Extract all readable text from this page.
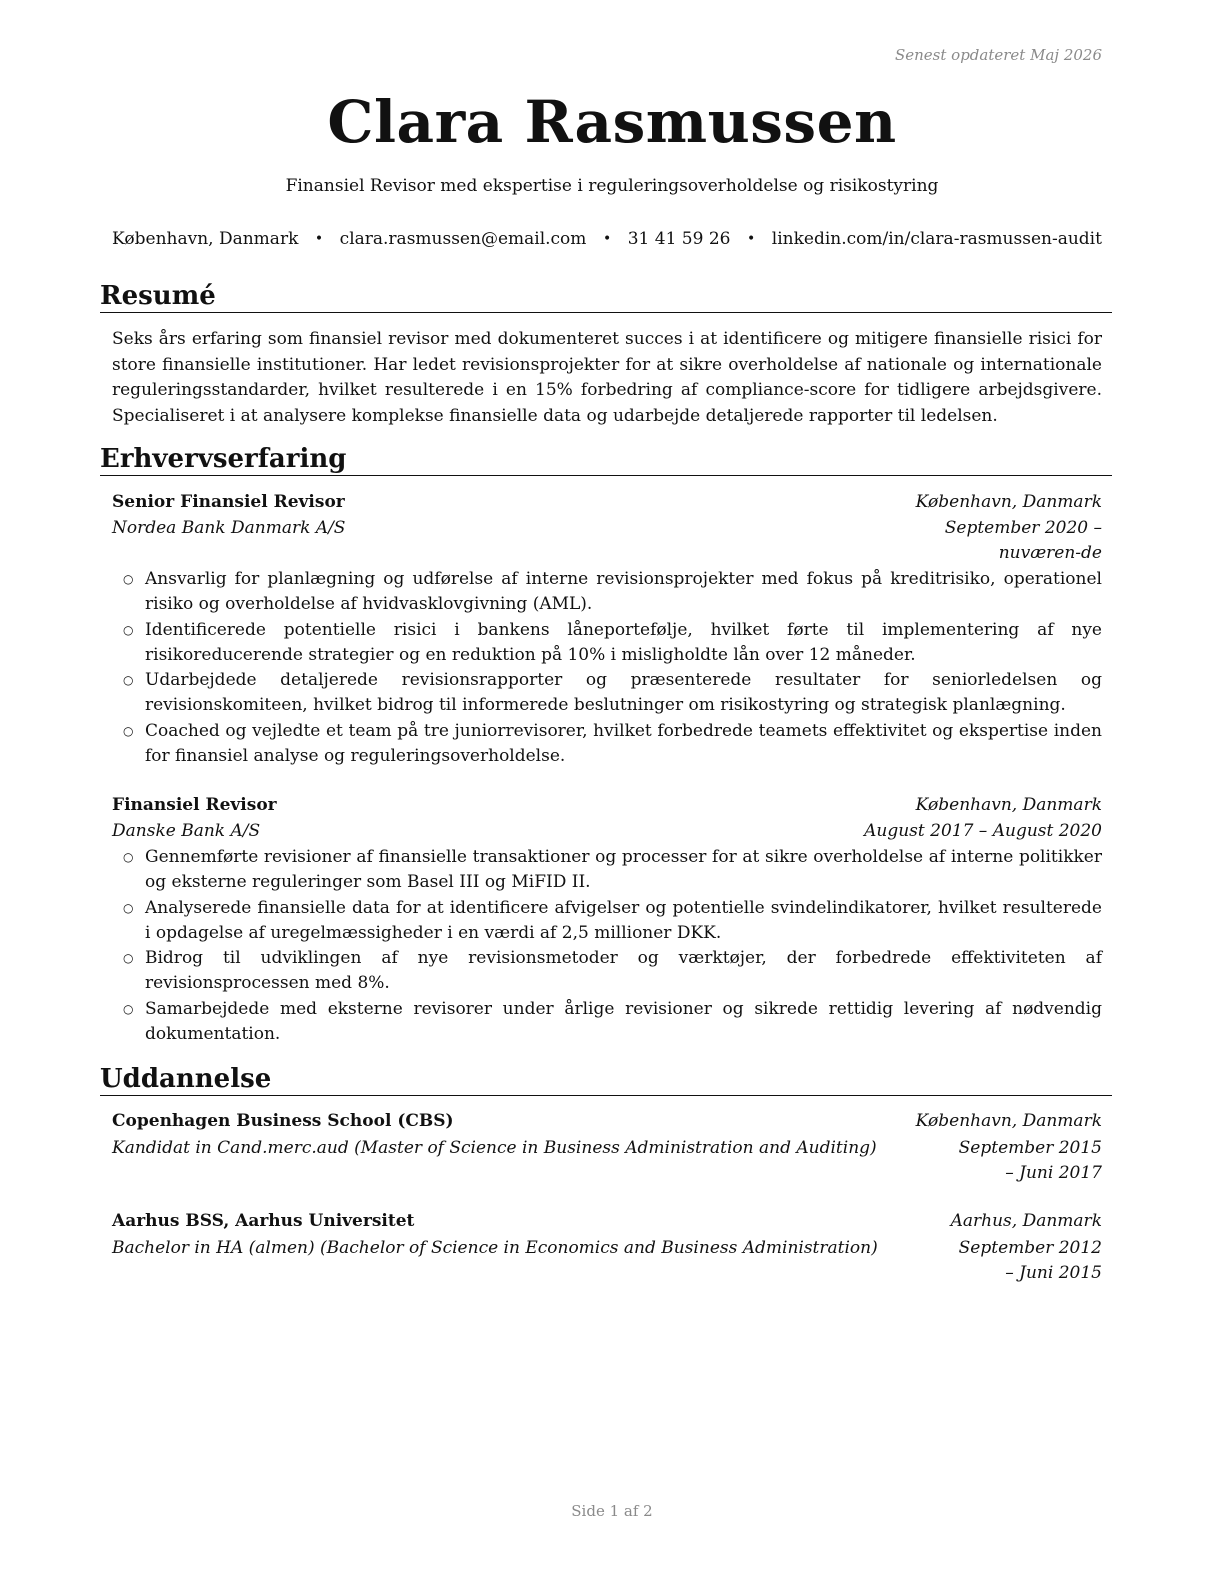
Senest opdateret Maj 2026
Clara Rasmussen
Finansiel Revisor med ekspertise i reguleringsoverholdelse og risikostyring
København, Danmark • clara.rasmussen@email.com • 31 41 59 26 • linkedin.com/in/clara-rasmussen-audit
Resumé
Seks års erfaring som finansiel revisor med dokumenteret succes i at identificere og mitigere finansielle risici for store finansielle institutioner. Har ledet revisionsprojekter for at sikre overholdelse af nationale og internationale reguleringsstandarder, hvilket resulterede i en 15% forbedring af compliance-score for tidligere arbejdsgivere. Specialiseret i at analysere komplekse finansielle data og udarbejde detaljerede rapporter til ledelsen.
Erhvervserfaring
Senior Finansiel Revisor	København, Danmark
Nordea Bank Danmark A/S	September 2020 – nuværen-de
○ Ansvarlig for planlægning og udførelse af interne revisionsprojekter med fokus på kreditrisiko, operationel risiko og overholdelse af hvidvasklovgivning (AML).
○ Identificerede potentielle risici i bankens låneportefølje, hvilket førte til implementering af nye risikoreducerende strategier og en reduktion på 10% i misligholdte lån over 12 måneder.
○ Udarbejdede detaljerede revisionsrapporter og præsenterede resultater for seniorledelsen og revisionskomiteen, hvilket bidrog til informerede beslutninger om risikostyring og strategisk planlægning.
○ Coached og vejledte et team på tre juniorrevisorer, hvilket forbedrede teamets effektivitet og ekspertise inden for finansiel analyse og reguleringsoverholdelse.
Finansiel Revisor	København, Danmark
Danske Bank A/S	August 2017 – August 2020
○ Gennemførte revisioner af finansielle transaktioner og processer for at sikre overholdelse af interne politikker og eksterne reguleringer som Basel III og MiFID II.
○ Analyserede finansielle data for at identificere afvigelser og potentielle svindelindikatorer, hvilket resulterede i opdagelse af uregelmæssigheder i en værdi af 2,5 millioner DKK.
○ Bidrog til udviklingen af nye revisionsmetoder og værktøjer, der forbedrede effektiviteten af revisionsprocessen med 8%.
○ Samarbejdede med eksterne revisorer under årlige revisioner og sikrede rettidig levering af nødvendig dokumentation.
Uddannelse
Copenhagen Business School (CBS)	København, Danmark
Kandidat in Cand.merc.aud (Master of Science in Business Administration and Auditing)	September 2015 – Juni 2017
Aarhus BSS, Aarhus Universitet	Aarhus, Danmark
Bachelor in HA (almen) (Bachelor of Science in Economics and Business Administration)	September 2012 – Juni 2015
Side 1 af 2
